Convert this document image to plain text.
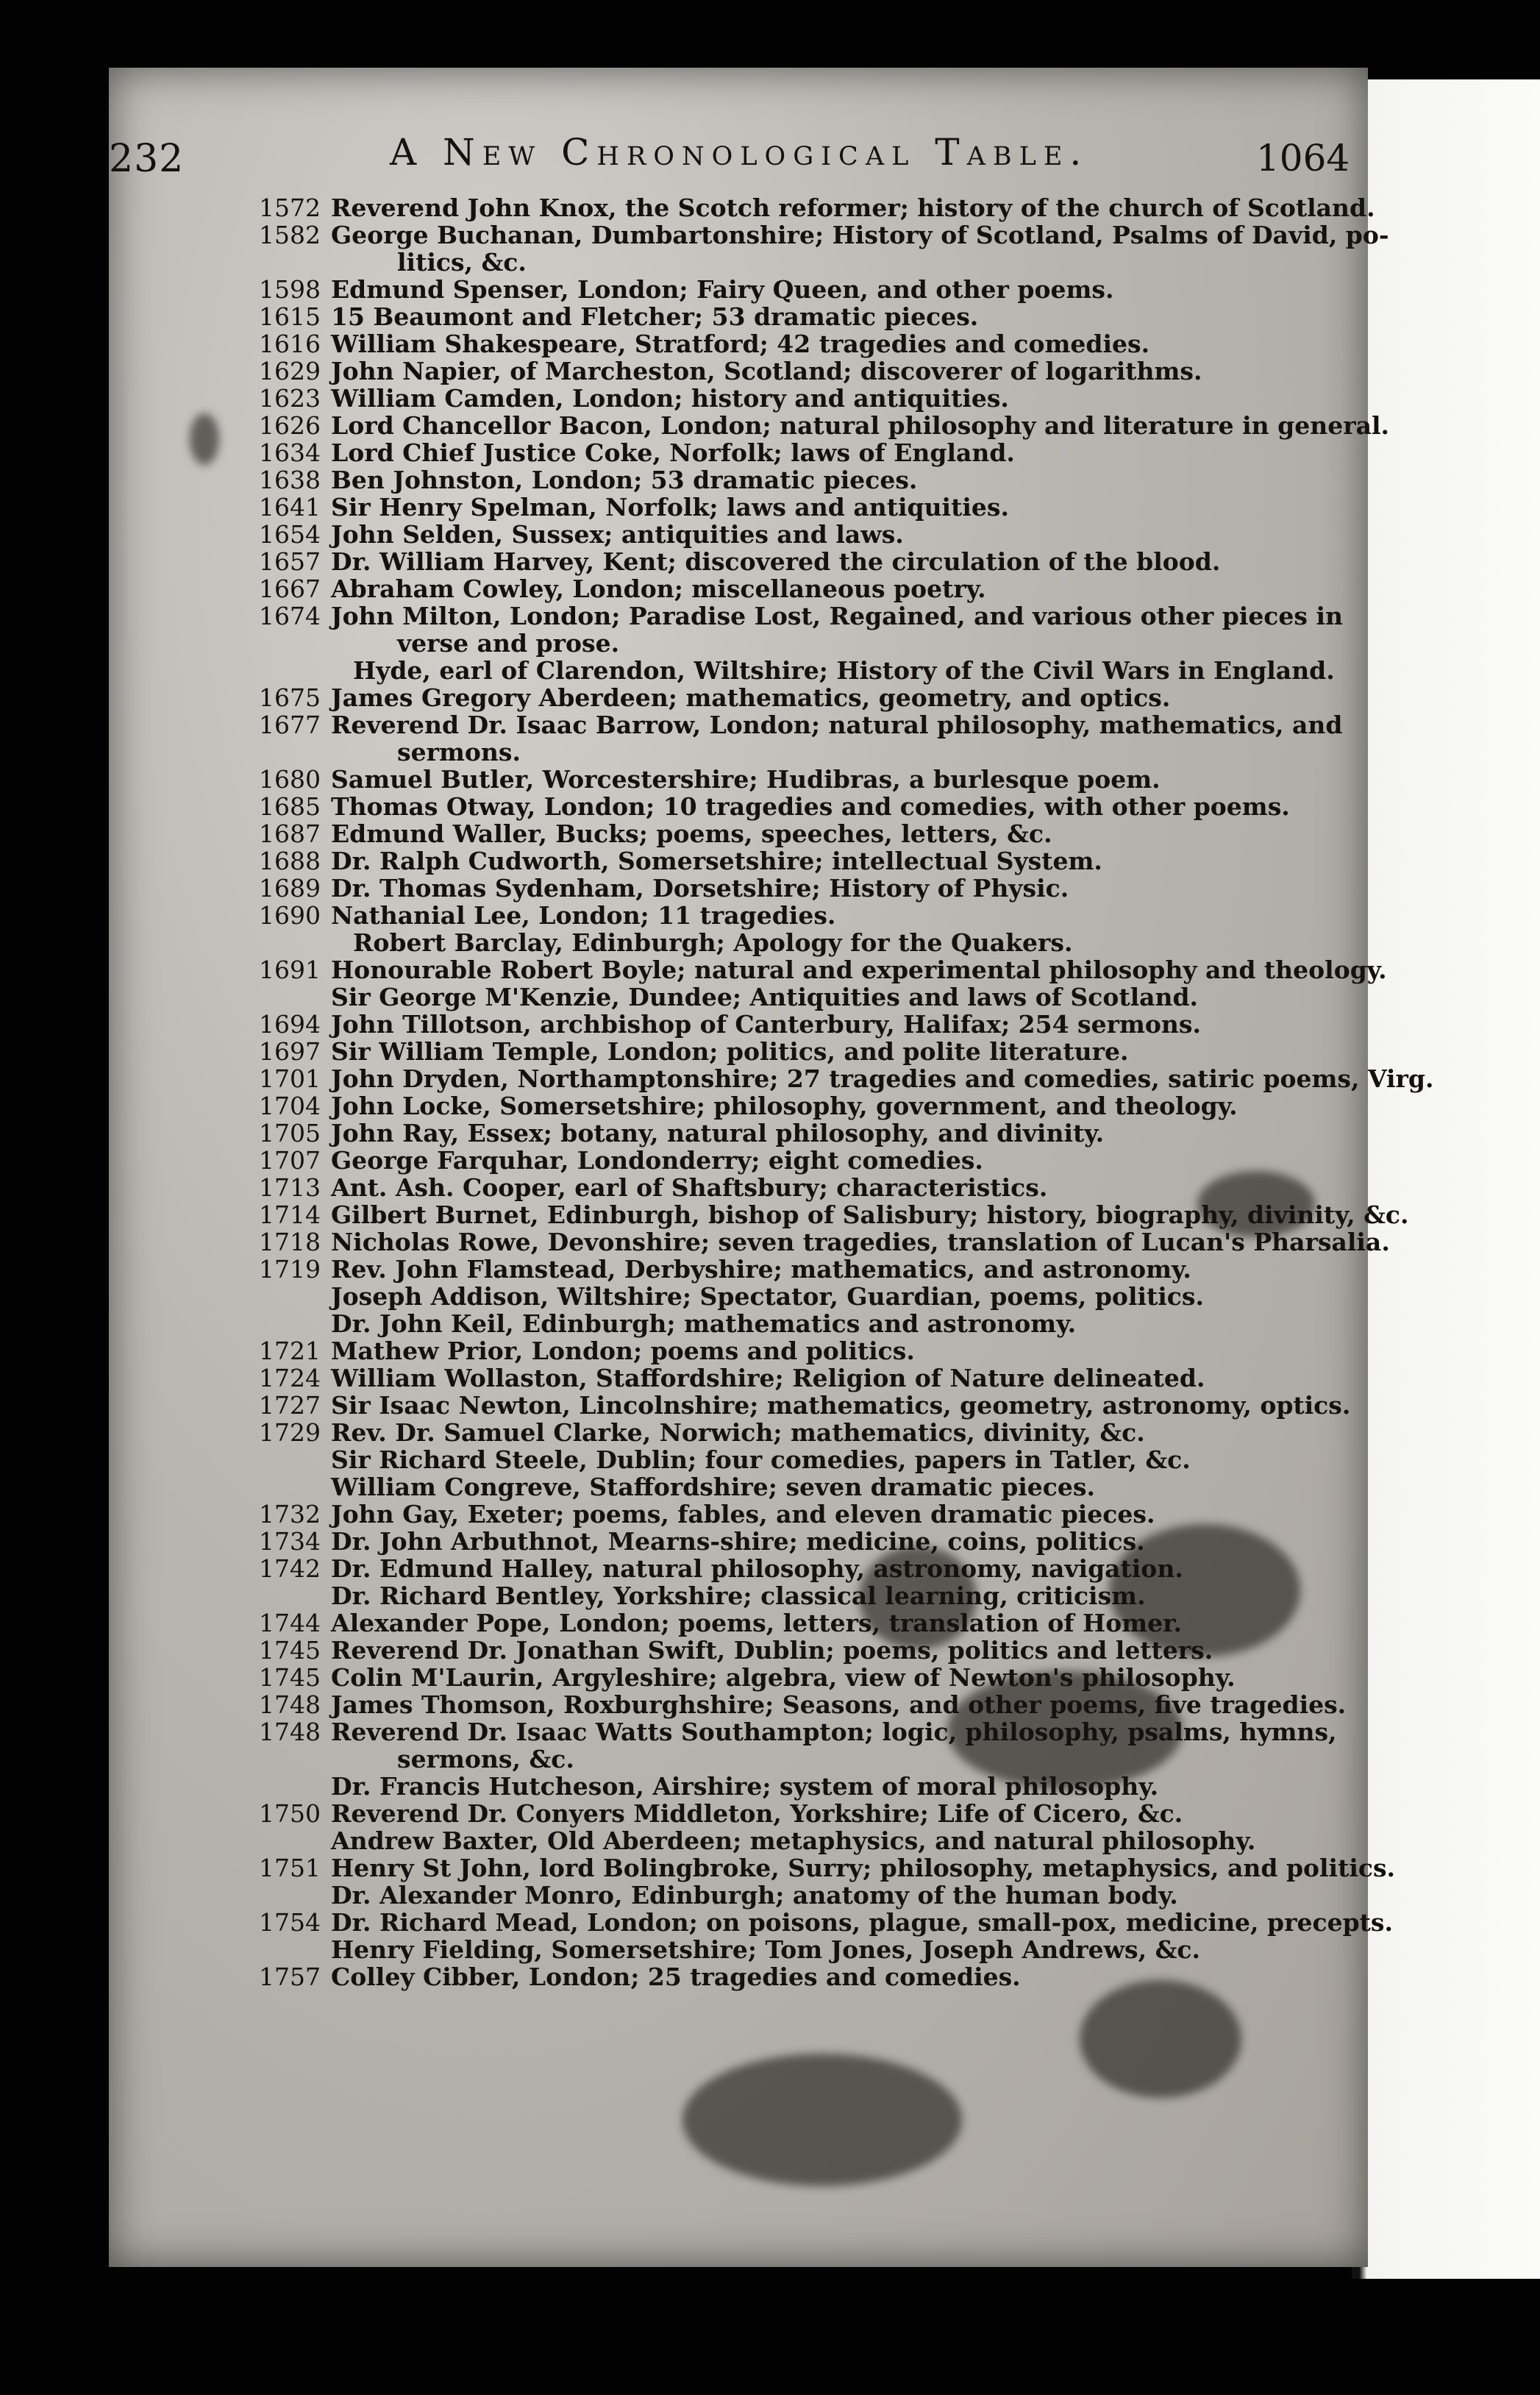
232	A New Chronological Table.	1064
1572 Reverend John Knox, the Scotch reformer; history of the church of Scotland.
1582 George Buchanan, Dumbartonshire; History of Scotland, Psalms of David, po-
litics, &c.
1598 Edmund Spenser, London; Fairy Queen, and other poems.
1615 15 Beaumont and Fletcher; 53 dramatic pieces.
1616 William Shakespeare, Stratford; 42 tragedies and comedies.
1629 John Napier, of Marcheston, Scotland; discoverer of logarithms.
1623 William Camden, London; history and antiquities.
1626 Lord Chancellor Bacon, London; natural philosophy and literature in general.
1634 Lord Chief Justice Coke, Norfolk; laws of England.
1638 Ben Johnston, London; 53 dramatic pieces.
1641 Sir Henry Spelman, Norfolk; laws and antiquities.
1654 John Selden, Sussex; antiquities and laws.
1657 Dr. William Harvey, Kent; discovered the circulation of the blood.
1667 Abraham Cowley, London; miscellaneous poetry.
1674 John Milton, London; Paradise Lost, Regained, and various other pieces in
verse and prose.
Hyde, earl of Clarendon, Wiltshire; History of the Civil Wars in England.
1675 James Gregory Aberdeen; mathematics, geometry, and optics.
1677 Reverend Dr. Isaac Barrow, London; natural philosophy, mathematics, and
sermons.
1680 Samuel Butler, Worcestershire; Hudibras, a burlesque poem.
1685 Thomas Otway, London; 10 tragedies and comedies, with other poems.
1687 Edmund Waller, Bucks; poems, speeches, letters, &c.
1688 Dr. Ralph Cudworth, Somersetshire; intellectual System.
1689 Dr. Thomas Sydenham, Dorsetshire; History of Physic.
1690 Nathanial Lee, London; 11 tragedies.
Robert Barclay, Edinburgh; Apology for the Quakers.
1691 Honourable Robert Boyle; natural and experimental philosophy and theology.
Sir George M'Kenzie, Dundee; Antiquities and laws of Scotland.
1694 John Tillotson, archbishop of Canterbury, Halifax; 254 sermons.
1697 Sir William Temple, London; politics, and polite literature.
1701 John Dryden, Northamptonshire; 27 tragedies and comedies, satiric poems, Virg.
1704 John Locke, Somersetshire; philosophy, government, and theology.
1705 John Ray, Essex; botany, natural philosophy, and divinity.
1707 George Farquhar, Londonderry; eight comedies.
1713 Ant. Ash. Cooper, earl of Shaftsbury; characteristics.
1714 Gilbert Burnet, Edinburgh, bishop of Salisbury; history, biography, divinity, &c.
1718 Nicholas Rowe, Devonshire; seven tragedies, translation of Lucan's Pharsalia.
1719 Rev. John Flamstead, Derbyshire; mathematics, and astronomy.
Joseph Addison, Wiltshire; Spectator, Guardian, poems, politics.
Dr. John Keil, Edinburgh; mathematics and astronomy.
1721 Mathew Prior, London; poems and politics.
1724 William Wollaston, Staffordshire; Religion of Nature delineated.
1727 Sir Isaac Newton, Lincolnshire; mathematics, geometry, astronomy, optics.
1729 Rev. Dr. Samuel Clarke, Norwich; mathematics, divinity, &c.
Sir Richard Steele, Dublin; four comedies, papers in Tatler, &c.
William Congreve, Staffordshire; seven dramatic pieces.
1732 John Gay, Exeter; poems, fables, and eleven dramatic pieces.
1734 Dr. John Arbuthnot, Mearns-shire; medicine, coins, politics.
1742 Dr. Edmund Halley, natural philosophy, astronomy, navigation.
Dr. Richard Bentley, Yorkshire; classical learning, criticism.
1744 Alexander Pope, London; poems, letters, translation of Homer.
1745 Reverend Dr. Jonathan Swift, Dublin; poems, politics and letters.
1745 Colin M'Laurin, Argyleshire; algebra, view of Newton's philosophy.
1748 James Thomson, Roxburghshire; Seasons, and other poems, five tragedies.
1748 Reverend Dr. Isaac Watts Southampton; logic, philosophy, psalms, hymns,
sermons, &c.
Dr. Francis Hutcheson, Airshire; system of moral philosophy.
1750 Reverend Dr. Conyers Middleton, Yorkshire; Life of Cicero, &c.
Andrew Baxter, Old Aberdeen; metaphysics, and natural philosophy.
1751 Henry St John, lord Bolingbroke, Surry; philosophy, metaphysics, and politics.
Dr. Alexander Monro, Edinburgh; anatomy of the human body.
1754 Dr. Richard Mead, London; on poisons, plague, small-pox, medicine, precepts.
Henry Fielding, Somersetshire; Tom Jones, Joseph Andrews, &c.
1757 Colley Cibber, London; 25 tragedies and comedies.
